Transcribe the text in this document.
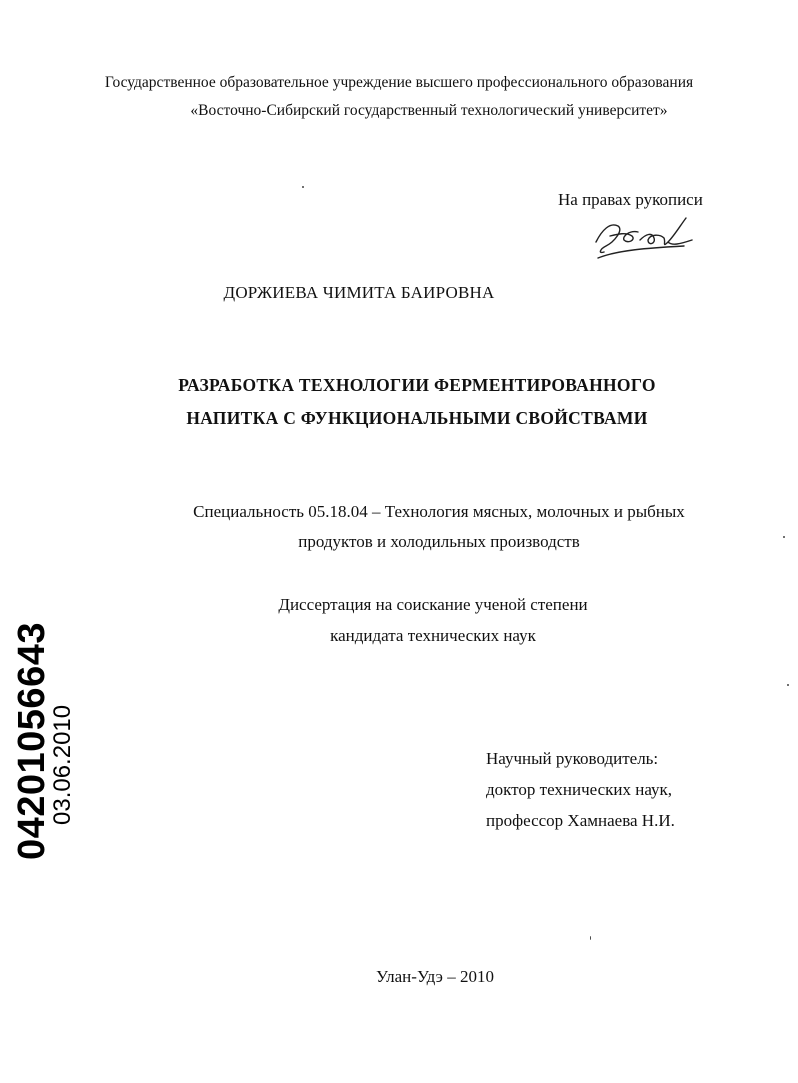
Государственное образовательное учреждение высшего профессионального образования
«Восточно-Сибирский государственный технологический университет»
На правах рукописи
ДОРЖИЕВА ЧИМИТА БАИРОВНА
РАЗРАБОТКА ТЕХНОЛОГИИ ФЕРМЕНТИРОВАННОГО
НАПИТКА С ФУНКЦИОНАЛЬНЫМИ СВОЙСТВАМИ
Специальность 05.18.04 – Технология мясных, молочных и рыбных
продуктов и холодильных производств
Диссертация на соискание ученой степени
кандидата технических наук
Научный руководитель:
доктор технических наук,
профессор Хамнаева Н.И.
Улан-Удэ – 2010
04201056643
03.06.2010
